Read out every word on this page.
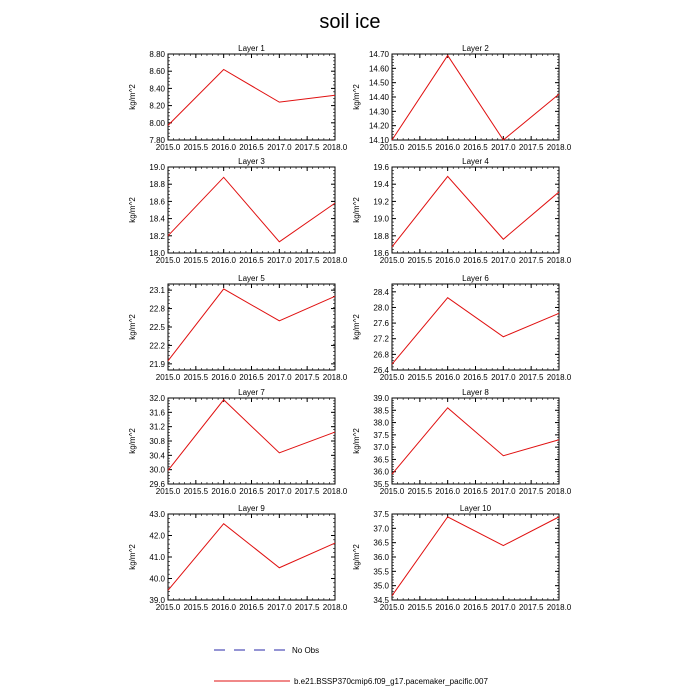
soil ice
Layer 1
2015.0 2015.5 2016.0 2016.5 2017.0 2017.5 2018.0
7.80
8.00
8.20
8.40
8.60
8.80
kg/m^2
Layer 2
2015.0 2015.5 2016.0 2016.5 2017.0 2017.5 2018.0
14.10
14.20
14.30
14.40
14.50
14.60
14.70
kg/m^2
Layer 3
2015.0 2015.5 2016.0 2016.5 2017.0 2017.5 2018.0
18.0
18.2
18.4
18.6
18.8
19.0
kg/m^2
Layer 4
2015.0 2015.5 2016.0 2016.5 2017.0 2017.5 2018.0
18.6
18.8
19.0
19.2
19.4
19.6
kg/m^2
Layer 5
2015.0 2015.5 2016.0 2016.5 2017.0 2017.5 2018.0
21.9
22.2
22.5
22.8
23.1
kg/m^2
Layer 6
2015.0 2015.5 2016.0 2016.5 2017.0 2017.5 2018.0
26.4
26.8
27.2
27.6
28.0
28.4
kg/m^2
Layer 7
2015.0 2015.5 2016.0 2016.5 2017.0 2017.5 2018.0
29.6
30.0
30.4
30.8
31.2
31.6
32.0
kg/m^2
Layer 8
2015.0 2015.5 2016.0 2016.5 2017.0 2017.5 2018.0
35.5
36.0
36.5
37.0
37.5
38.0
38.5
39.0
kg/m^2
Layer 9
2015.0 2015.5 2016.0 2016.5 2017.0 2017.5 2018.0
39.0
40.0
41.0
42.0
43.0
kg/m^2
Layer 10
2015.0 2015.5 2016.0 2016.5 2017.0 2017.5 2018.0
34.5
35.0
35.5
36.0
36.5
37.0
37.5
kg/m^2
No Obs
b.e21.BSSP370cmip6.f09_g17.pacemaker_pacific.007
